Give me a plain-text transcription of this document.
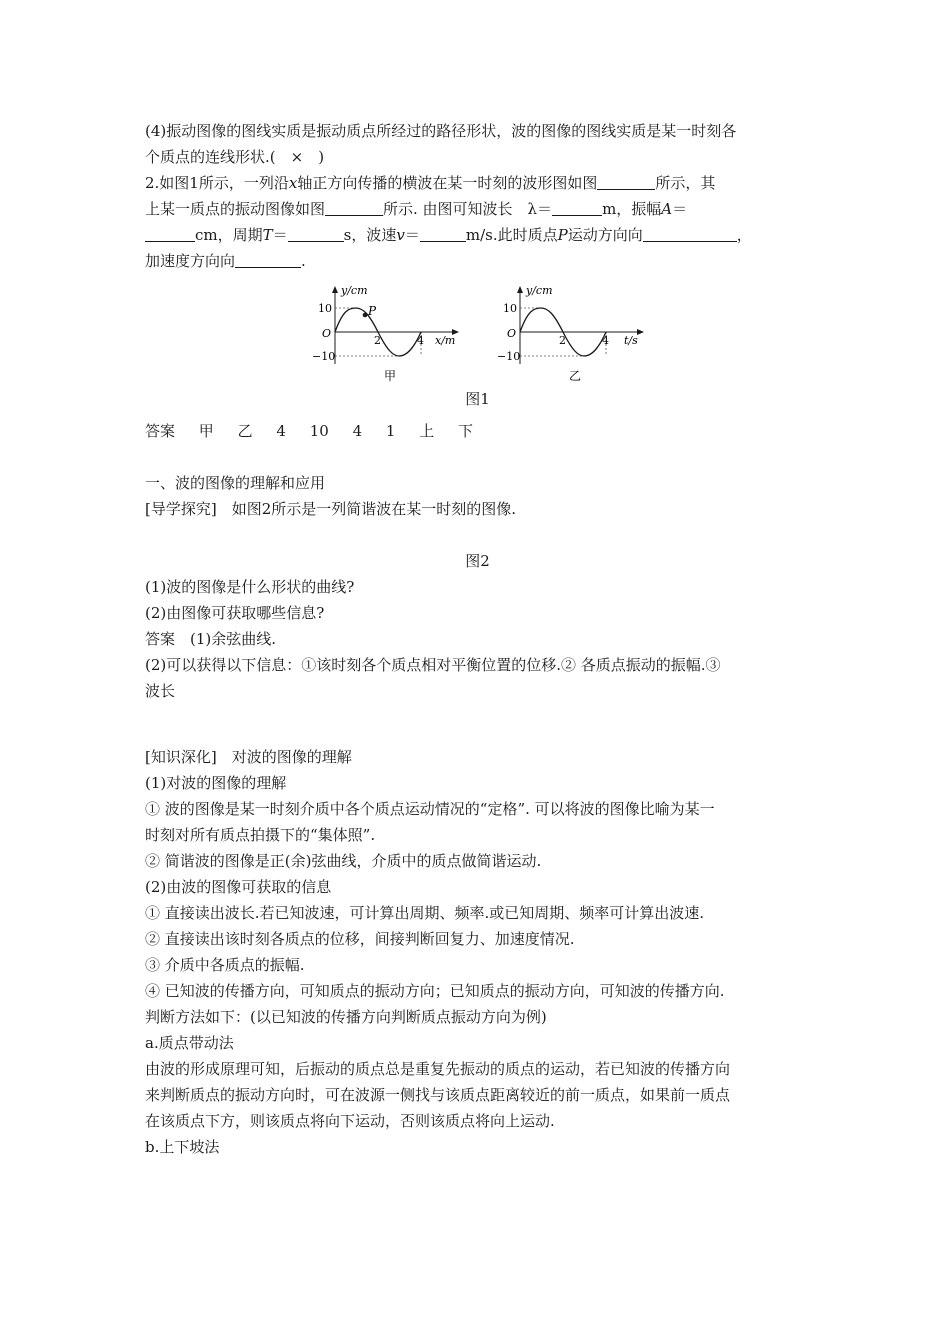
(4)振动图像的图线实质是振动质点所经过的路径形状，波的图像的图线实质是某一时刻各

个质点的连线形状.(　×　)

2.如图1所示，一列沿x轴正方向传播的横波在某一时刻的波形图如图	所示，其

上某一质点的振动图像如图	所示. 由图可知波长　λ＝	m，振幅A＝

cm，周期T＝	s，波速v＝	m/s.此时质点P运动方向向	，

加速度方向向	.

P
y/cm
10
−10
O
2	4 x/m
甲
y/cm
10
−10
O
2	4 t/s
乙

图1

答案 甲 乙 4 10 4 1 上 下

一、波的图像的理解和应用

[导学探究]　如图2所示是一列简谐波在某一时刻的图像.

图2

(1)波的图像是什么形状的曲线?

(2)由图像可获取哪些信息?

答案　 (1)余弦曲线.

(2)可以获得以下信息：①该时刻各个质点相对平衡位置的位移.② 各质点振动的振幅.③

波长

[知识深化]　对波的图像的理解

(1)对波的图像的理解

① 波的图像是某一时刻介质中各个质点运动情况的“定格”. 可以将波的图像比喻为某一

时刻对所有质点拍摄下的“集体照”.

② 简谐波的图像是正(余)弦曲线，介质中的质点做简谐运动.

(2)由波的图像可获取的信息

① 直接读出波长.若已知波速，可计算出周期、频率.或已知周期、频率可计算出波速.

② 直接读出该时刻各质点的位移，间接判断回复力、加速度情况.

③ 介质中各质点的振幅.

④ 已知波的传播方向，可知质点的振动方向；已知质点的振动方向，可知波的传播方向.

判断方法如下：(以已知波的传播方向判断质点振动方向为例)

a.质点带动法

由波的形成原理可知，后振动的质点总是重复先振动的质点的运动，若已知波的传播方向

来判断质点的振动方向时，可在波源一侧找与该质点距离较近的前一质点，如果前一质点

在该质点下方，则该质点将向下运动，否则该质点将向上运动.

b.上下坡法
